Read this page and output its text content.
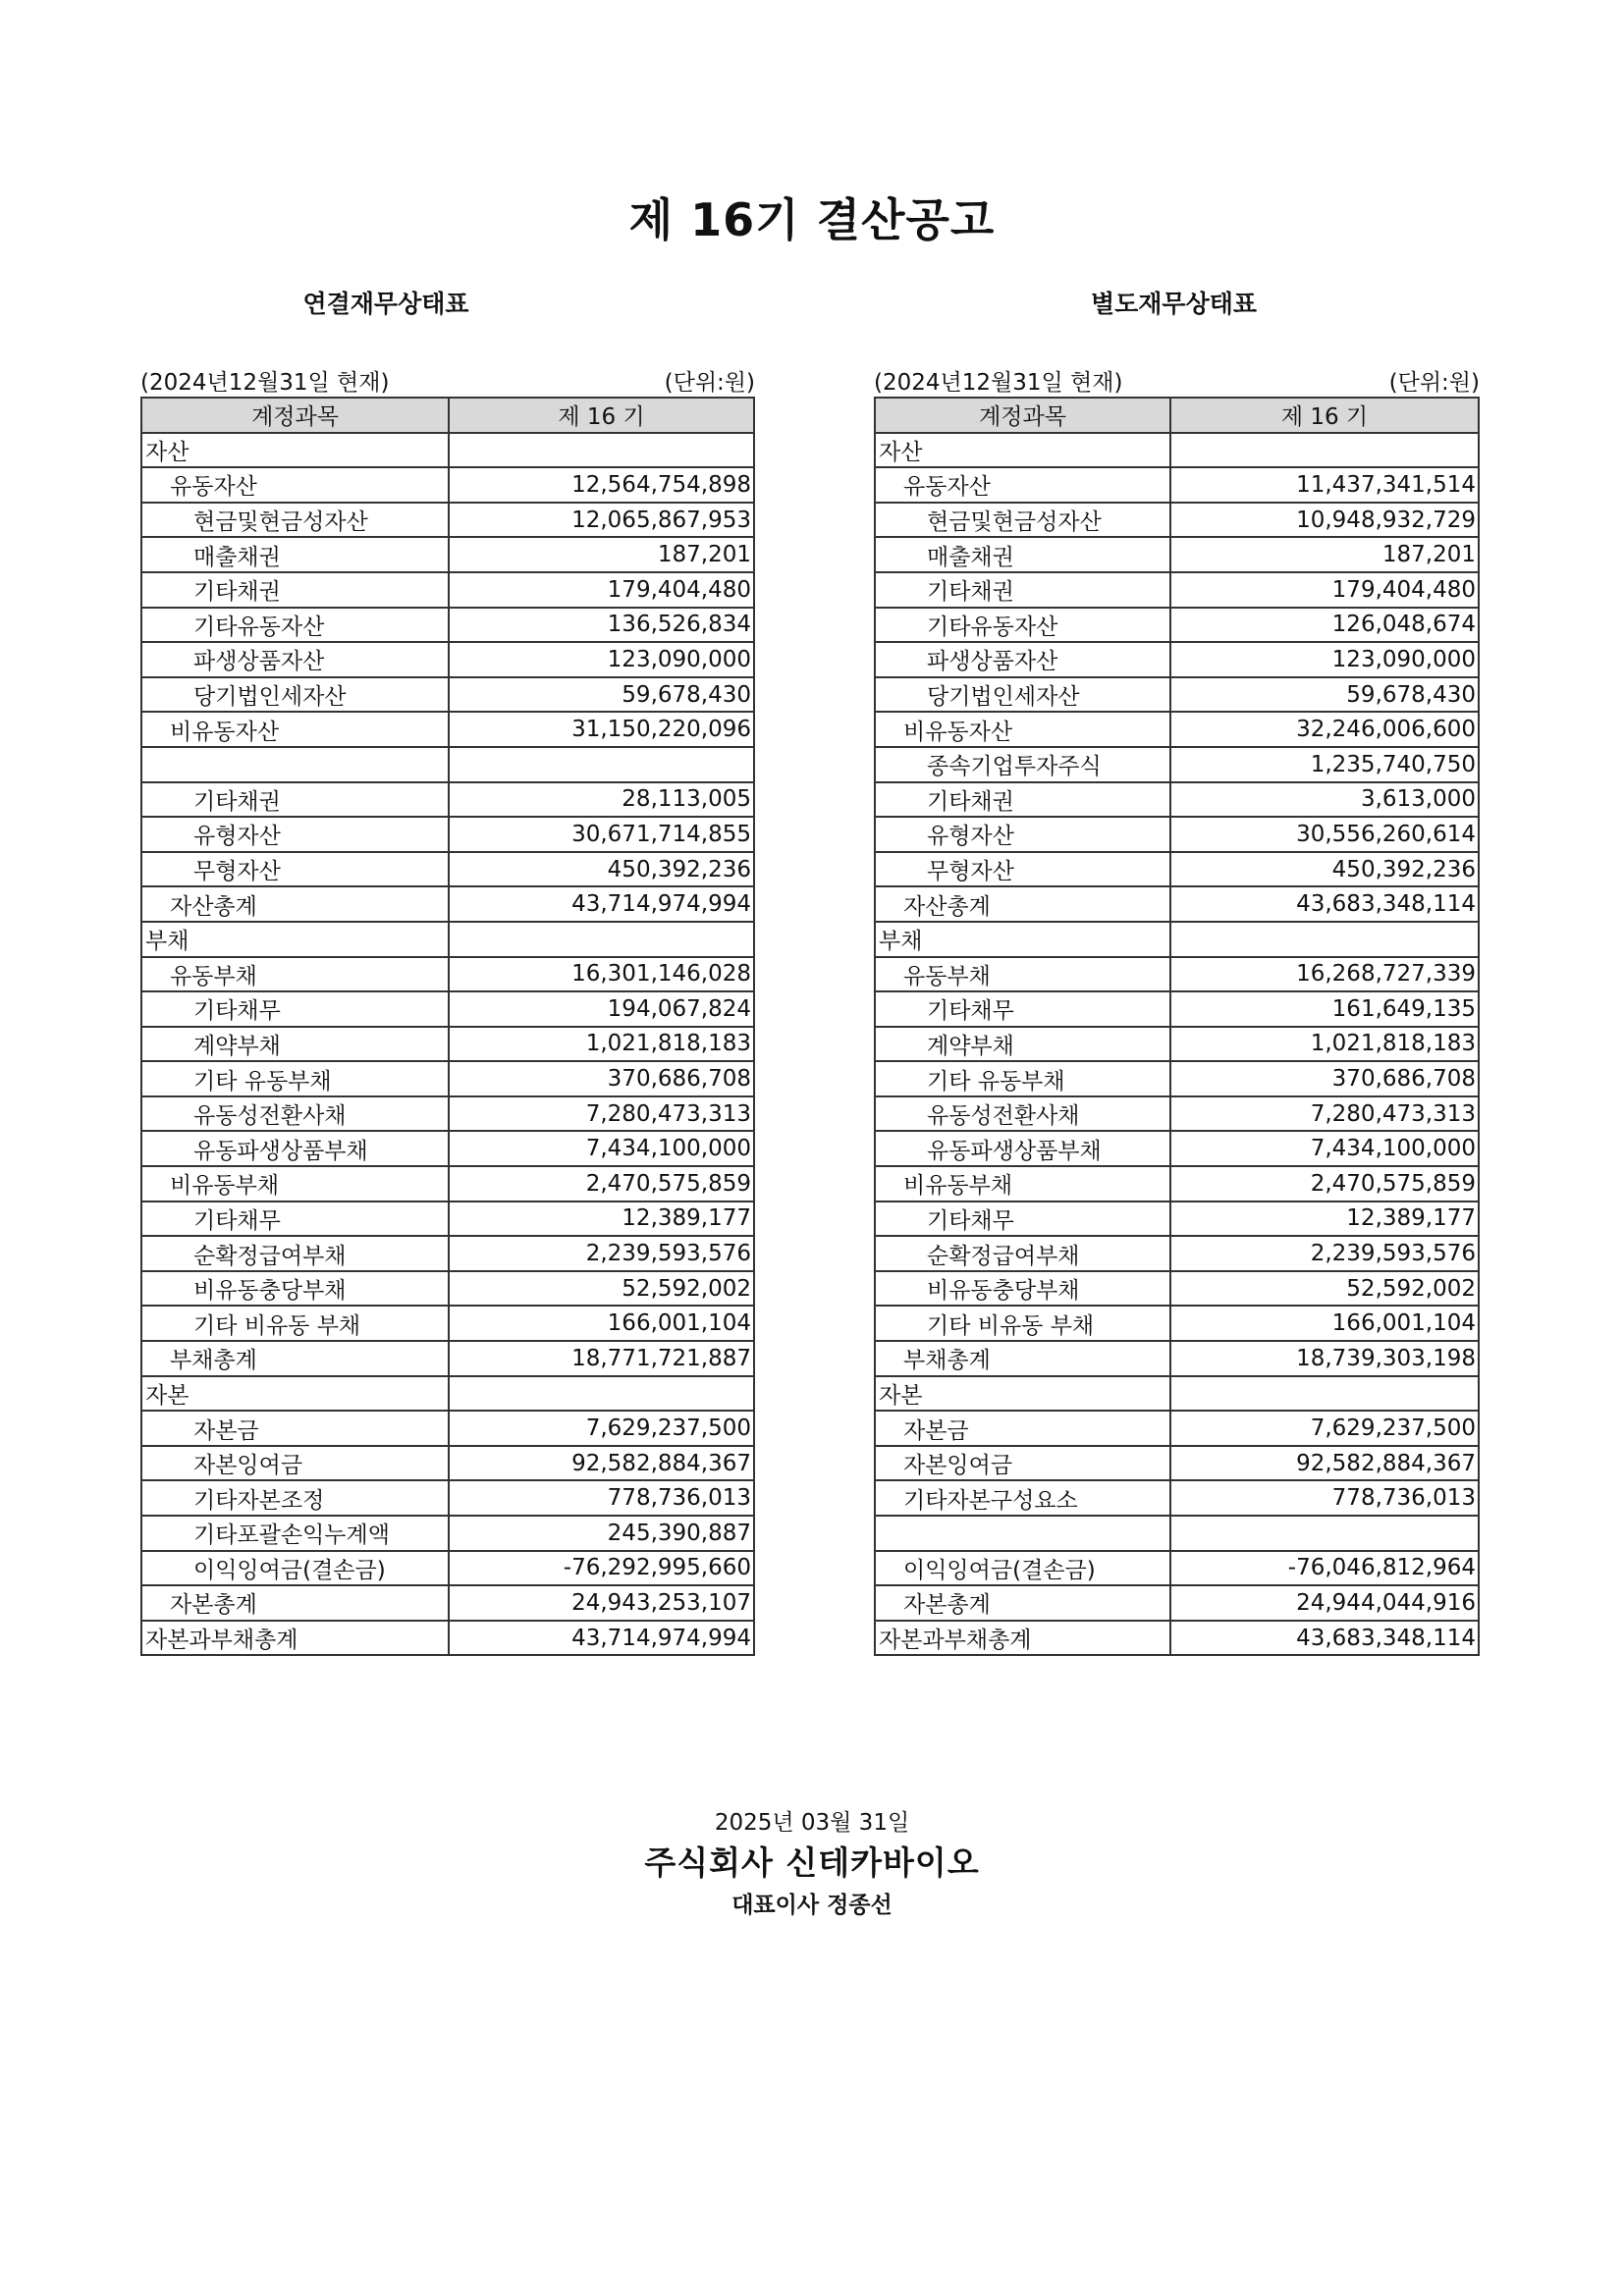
제 16기 결산공고
연결재무상태표
(2024년12월31일 현재)	(단위:원)
계정과목	제 16 기
자산	
유동자산	12,564,754,898
현금및현금성자산	12,065,867,953
매출채권	187,201
기타채권	179,404,480
기타유동자산	136,526,834
파생상품자산	123,090,000
당기법인세자산	59,678,430
비유동자산	31,150,220,096

기타채권	28,113,005
유형자산	30,671,714,855
무형자산	450,392,236
자산총계	43,714,974,994
부채	
유동부채	16,301,146,028
기타채무	194,067,824
계약부채	1,021,818,183
기타 유동부채	370,686,708
유동성전환사채	7,280,473,313
유동파생상품부채	7,434,100,000
비유동부채	2,470,575,859
기타채무	12,389,177
순확정급여부채	2,239,593,576
비유동충당부채	52,592,002
기타 비유동 부채	166,001,104
부채총계	18,771,721,887
자본	
자본금	7,629,237,500
자본잉여금	92,582,884,367
기타자본조정	778,736,013
기타포괄손익누계액	245,390,887
이익잉여금(결손금)	-76,292,995,660
자본총계	24,943,253,107
자본과부채총계	43,714,974,994
별도재무상태표
(2024년12월31일 현재)	(단위:원)
계정과목	제 16 기
자산	
유동자산	11,437,341,514
현금및현금성자산	10,948,932,729
매출채권	187,201
기타채권	179,404,480
기타유동자산	126,048,674
파생상품자산	123,090,000
당기법인세자산	59,678,430
비유동자산	32,246,006,600
종속기업투자주식	1,235,740,750
기타채권	3,613,000
유형자산	30,556,260,614
무형자산	450,392,236
자산총계	43,683,348,114
부채	
유동부채	16,268,727,339
기타채무	161,649,135
계약부채	1,021,818,183
기타 유동부채	370,686,708
유동성전환사채	7,280,473,313
유동파생상품부채	7,434,100,000
비유동부채	2,470,575,859
기타채무	12,389,177
순확정급여부채	2,239,593,576
비유동충당부채	52,592,002
기타 비유동 부채	166,001,104
부채총계	18,739,303,198
자본	
자본금	7,629,237,500
자본잉여금	92,582,884,367
기타자본구성요소	778,736,013

이익잉여금(결손금)	-76,046,812,964
자본총계	24,944,044,916
자본과부채총계	43,683,348,114
2025년 03월 31일
주식회사 신테카바이오
대표이사 정종선
